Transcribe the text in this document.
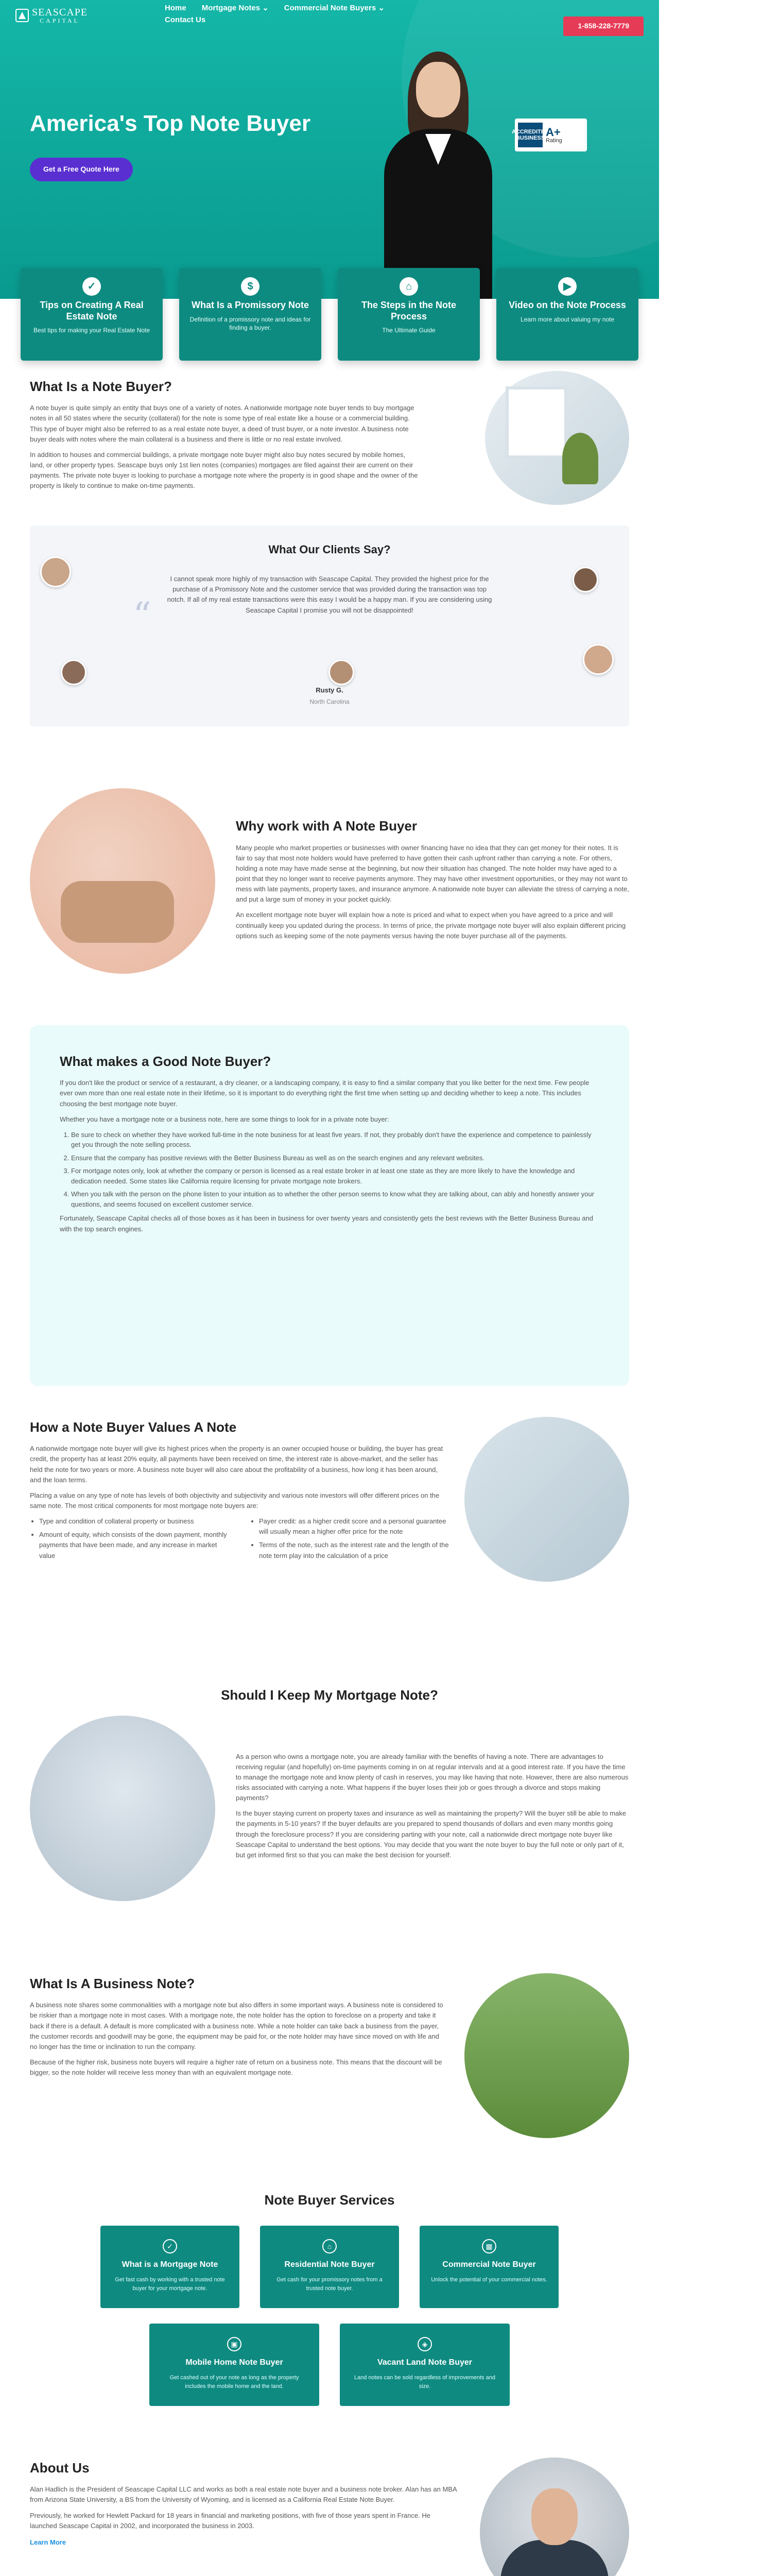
SEASCAPE
CAPITAL
Home Mortgage Notes ⌄ Commercial Note Buyers ⌄
Contact Us
1-858-228-7779
America's Top Note Buyer
Get a Free Quote Here
ACCREDITED BUSINESS A+
Rating
✓
Tips on Creating A Real Estate Note

Best tips for making your Real Estate Note

$
What Is a Promissory Note

Definition of a promissory note and ideas for finding a buyer.

⌂
The Steps in the Note Process

The Ultimate Guide

▶
Video on the Note Process

Learn more about valuing my note

What Is a Note Buyer?

A note buyer is quite simply an entity that buys one of a variety of notes. A nationwide mortgage note buyer tends to buy mortgage notes in all 50 states where the security (collateral) for the note is some type of real estate like a house or a commercial building. This type of buyer might also be referred to as a real estate note buyer, a deed of trust buyer, or a note investor. A business note buyer deals with notes where the main collateral is a business and there is little or no real estate involved.

In addition to houses and commercial buildings, a private mortgage note buyer might also buy notes secured by mobile homes, land, or other property types. Seascape buys only 1st lien notes (companies) mortgages are filed against their are current on their payments. The private note buyer is looking to purchase a mortgage note where the property is in good shape and the owner of the property is likely to continue to make on-time payments.

What Our Clients Say?
“

I cannot speak more highly of my transaction with Seascape Capital. They provided the highest price for the purchase of a Promissory Note and the customer service that was provided during the transaction was top notch. If all of my real estate transactions were this easy I would be a happy man. If you are considering using Seascape Capital I promise you will not be disappointed!

Rusty G.
North Carolina
Why work with A Note Buyer

Many people who market properties or businesses with owner financing have no idea that they can get money for their notes. It is fair to say that most note holders would have preferred to have gotten their cash upfront rather than carrying a note. For others, holding a note may have made sense at the beginning, but now their situation has changed. The note holder may have aged to a point that they no longer want to receive payments anymore. They may have other investment opportunities, or they may not want to mess with late payments, property taxes, and insurance anymore. A nationwide note buyer can alleviate the stress of carrying a note, and put a large sum of money in your pocket quickly.

An excellent mortgage note buyer will explain how a note is priced and what to expect when you have agreed to a price and will continually keep you updated during the process. In terms of price, the private mortgage note buyer will also explain different pricing options such as keeping some of the note payments versus having the note buyer purchase all of the payments.

What makes a Good Note Buyer?

If you don't like the product or service of a restaurant, a dry cleaner, or a landscaping company, it is easy to find a similar company that you like better for the next time. Few people ever own more than one real estate note in their lifetime, so it is important to do everything right the first time when setting up and deciding whether to keep a note. This includes choosing the best mortgage note buyer.

Whether you have a mortgage note or a business note, here are some things to look for in a private note buyer:

1. Be sure to check on whether they have worked full-time in the note business for at least five years. If not, they probably don't have the experience and competence to painlessly get you through the note selling process.
2. Ensure that the company has positive reviews with the Better Business Bureau as well as on the search engines and any relevant websites.
3. For mortgage notes only, look at whether the company or person is licensed as a real estate broker in at least one state as they are more likely to have the knowledge and dedication needed. Some states like California require licensing for private mortgage note brokers.
4. When you talk with the person on the phone listen to your intuition as to whether the other person seems to know what they are talking about, can ably and honestly answer your questions, and seems focused on excellent customer service.

Fortunately, Seascape Capital checks all of those boxes as it has been in business for over twenty years and consistently gets the best reviews with the Better Business Bureau and with the top search engines.

How a Note Buyer Values A Note

A nationwide mortgage note buyer will give its highest prices when the property is an owner occupied house or building, the buyer has great credit, the property has at least 20% equity, all payments have been received on time, the interest rate is above-market, and the seller has held the note for two years or more. A business note buyer will also care about the profitability of a business, how long it has been around, and the loan terms.

Placing a value on any type of note has levels of both objectivity and subjectivity and various note investors will offer different prices on the same note. The most critical components for most mortgage note buyers are:

• Type and condition of collateral property or business
• Amount of equity, which consists of the down payment, monthly payments that have been made, and any increase in market value
• Payer credit: as a higher credit score and a personal guarantee will usually mean a higher offer price for the note
• Terms of the note, such as the interest rate and the length of the note term play into the calculation of a price
Should I Keep My Mortgage Note?

As a person who owns a mortgage note, you are already familiar with the benefits of having a note. There are advantages to receiving regular (and hopefully) on-time payments coming in on at regular intervals and at a good interest rate. If you have the time to manage the mortgage note and know plenty of cash in reserves, you may like having that note. However, there are also numerous risks associated with carrying a note. What happens if the buyer loses their job or goes through a divorce and stops making payments?

Is the buyer staying current on property taxes and insurance as well as maintaining the property? Will the buyer still be able to make the payments in 5-10 years? If the buyer defaults are you prepared to spend thousands of dollars and even many months going through the foreclosure process? If you are considering parting with your note, call a nationwide direct mortgage note buyer like Seascape Capital to understand the best options. You may decide that you want the note buyer to buy the full note or only part of it, but get informed first so that you can make the best decision for yourself.

What Is A Business Note?

A business note shares some commonalities with a mortgage note but also differs in some important ways. A business note is considered to be riskier than a mortgage note in most cases. With a mortgage note, the note holder has the option to foreclose on a property and take it back if there is a default. A default is more complicated with a business note. While a note holder can take back a business from the payer, the customer records and goodwill may be gone, the equipment may be paid for, or the note holder may have since moved on with life and no longer has the time or inclination to run the company.

Because of the higher risk, business note buyers will require a higher rate of return on a business note. This means that the discount will be bigger, so the note holder will receive less money than with an equivalent mortgage note.

Note Buyer Services
✓
What is a Mortgage Note

Get fast cash by working with a trusted note buyer for your mortgage note.

⌂
Residential Note Buyer

Get cash for your promissory notes from a trusted note buyer.

▦
Commercial Note Buyer

Unlock the potential of your commercial notes.

▣
Mobile Home Note Buyer

Get cashed out of your note as long as the property includes the mobile home and the land.

◈
Vacant Land Note Buyer

Land notes can be sold regardless of improvements and size.

About Us

Alan Hadlich is the President of Seascape Capital LLC and works as both a real estate note buyer and a business note broker. Alan has an MBA from Arizona State University, a BS from the University of Wyoming, and is licensed as a California Real Estate Note Buyer.

Previously, he worked for Hewlett Packard for 18 years in financial and marketing positions, with five of those years spent in France. He launched Seascape Capital in 2002, and incorporated the business in 2003.

Learn More
